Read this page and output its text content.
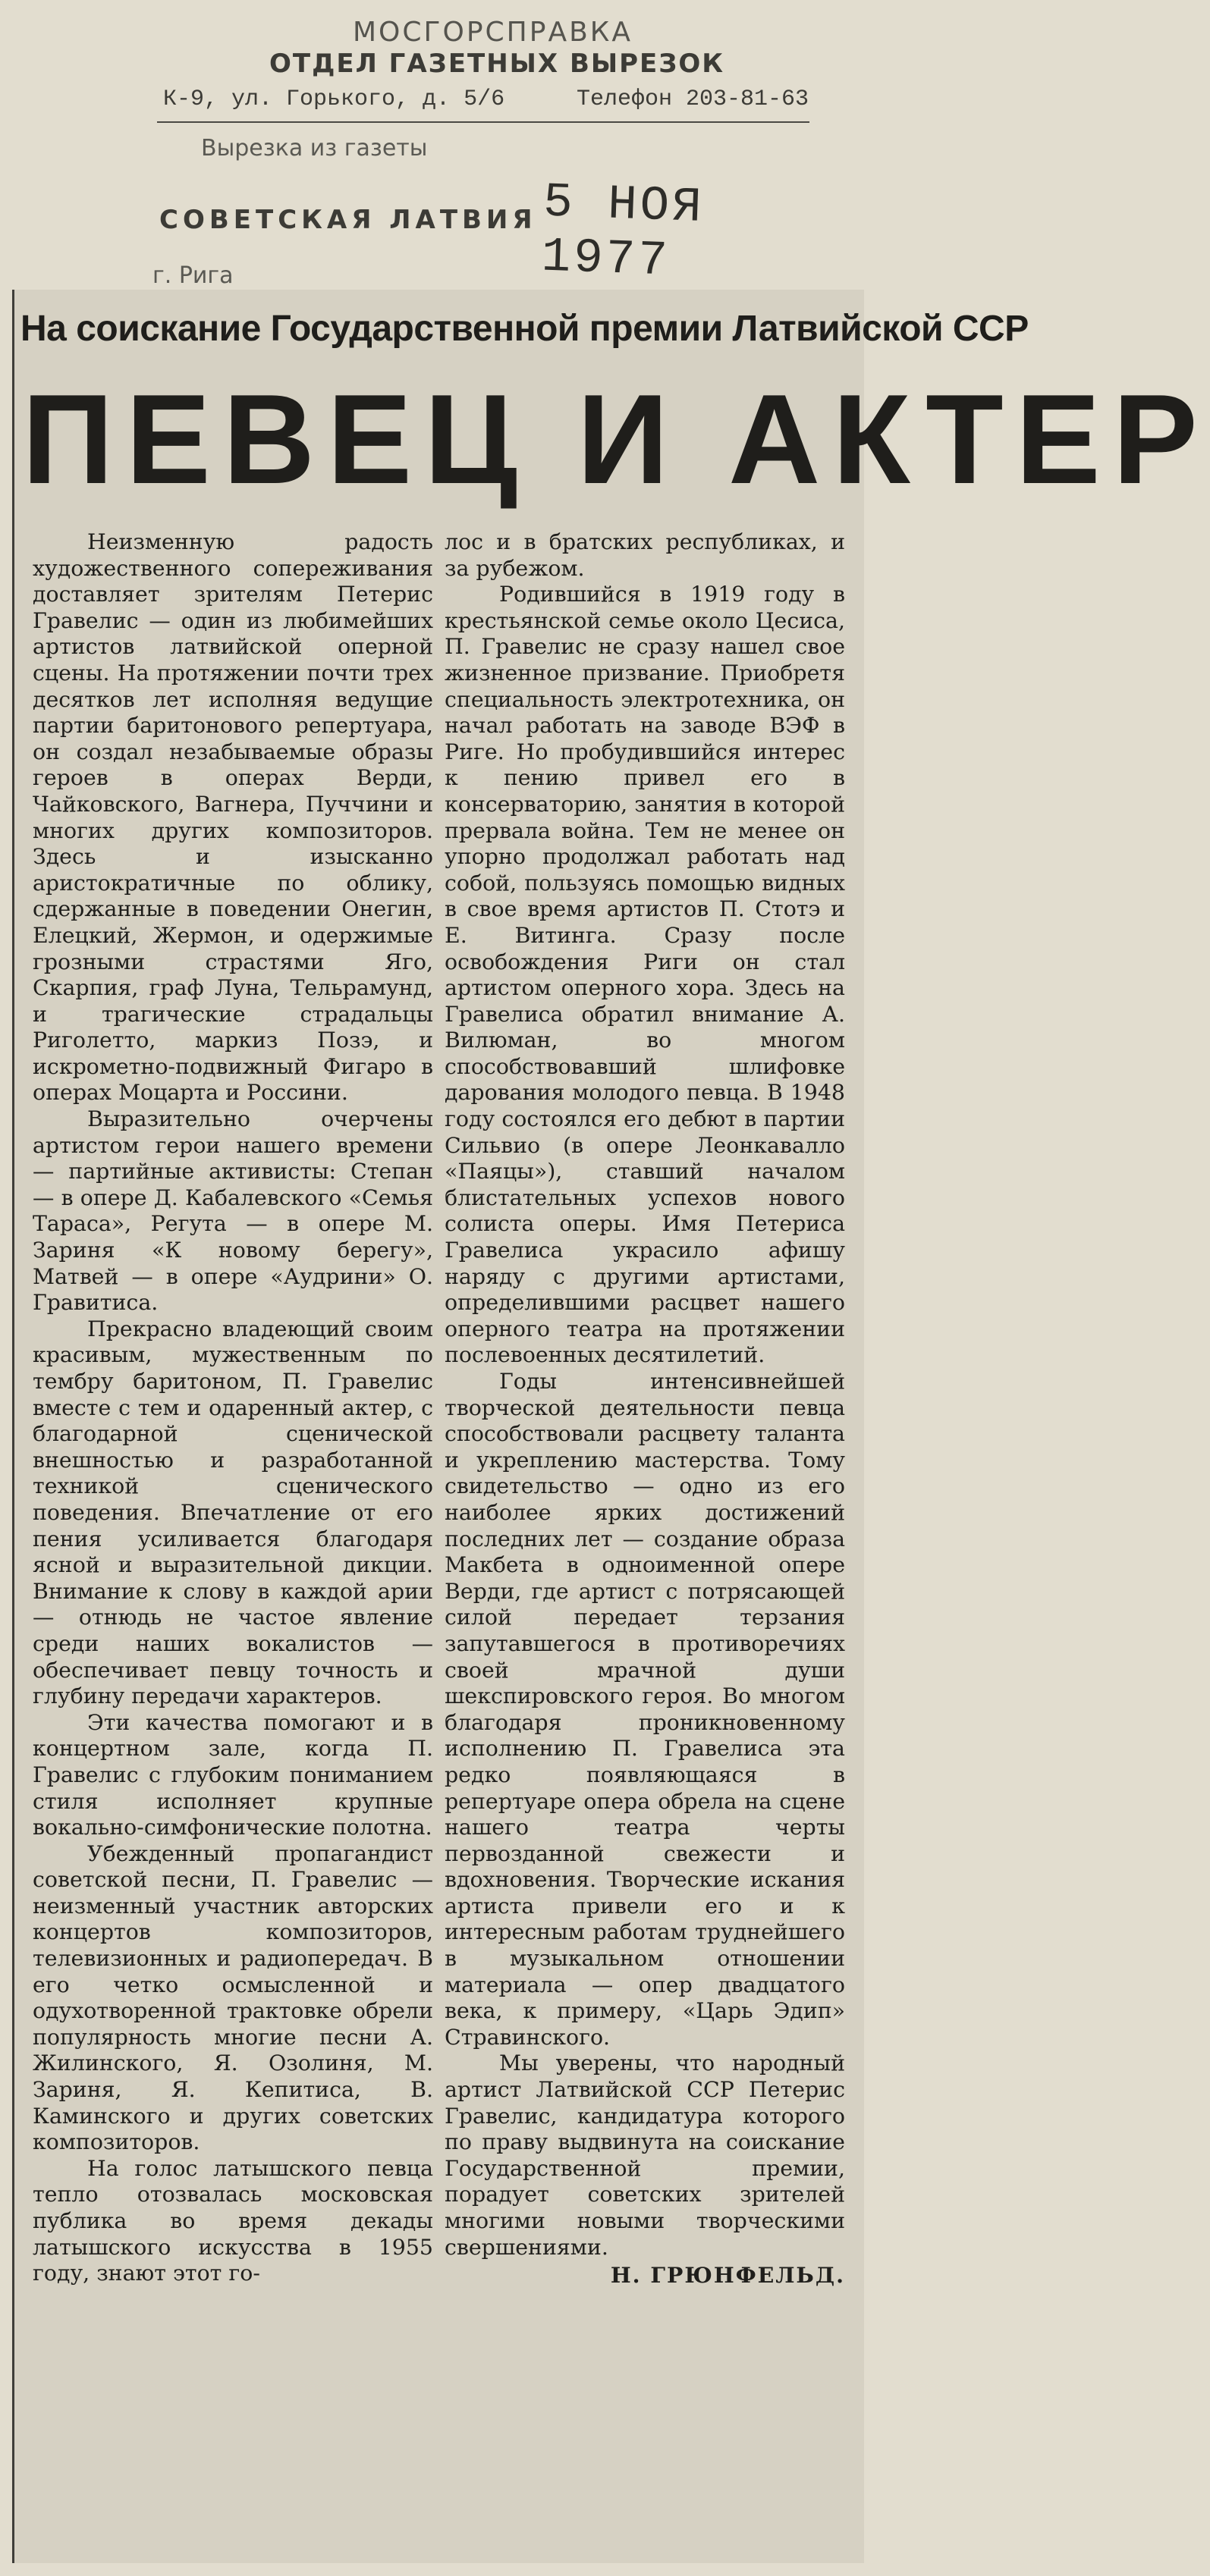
МОСГОРСПРАВКА
ОТДЕЛ ГАЗЕТНЫХ ВЫРЕЗОК
К-9, ул. Горького, д. 5/6	Телефон 203-81-63
Вырезка из газеты
СОВЕТСКАЯ ЛАТВИЯ 5 НОЯ 1977
г. Рига
На соискание Государственной премии Латвийской ССР
ПЕВЕЦ И АКТЕР

Неизменную радость художественного сопереживания доставляет зрителям Петерис Гравелис — один из любимейших артистов латвийской оперной сцены. На протяжении почти трех десятков лет исполняя ведущие партии баритонового репертуара, он создал незабываемые образы героев в операх Верди, Чайковского, Вагнера, Пуччини и многих других композиторов. Здесь и изысканно аристократичные по облику, сдержанные в поведении Онегин, Елецкий, Жермон, и одержимые грозными страстями Яго, Скарпия, граф Луна, Тельрамунд, и трагические страдальцы Риголетто, маркиз Позэ, и искрометно-подвижный Фигаро в операх Моцарта и Россини.

Выразительно очерчены артистом герои нашего времени — партийные активисты: Степан — в опере Д. Кабалевского «Семья Тараса», Регута — в опере М. Зариня «К новому берегу», Матвей — в опере «Аудрини» О. Гравитиса.

Прекрасно владеющий своим красивым, мужественным по тембру баритоном, П. Гравелис вместе с тем и одаренный актер, с благодарной сценической внешностью и разработанной техникой сценического поведения. Впечатление от его пения усиливается благодаря ясной и выразительной дикции. Внимание к слову в каждой арии — отнюдь не частое явление среди наших вокалистов — обеспечивает певцу точность и глубину передачи характеров.

Эти качества помогают и в концертном зале, когда П. Гравелис с глубоким пониманием стиля исполняет крупные вокально-симфонические полотна.

Убежденный пропагандист советской песни, П. Гравелис — неизменный участник авторских концертов композиторов, телевизионных и радиопередач. В его четко осмысленной и одухотворенной трактовке обрели популярность многие песни А. Жилинского, Я. Озолиня, М. Зариня, Я. Кепитиса, В. Каминского и других советских композиторов.

На голос латышского певца тепло отозвалась московская публика во время декады латышского искусства в 1955 году, знают этот го-

лос и в братских республиках, и за рубежом.

Родившийся в 1919 году в крестьянской семье около Цесиса, П. Гравелис не сразу нашел свое жизненное призвание. Приобретя специальность электротехника, он начал работать на заводе ВЭФ в Риге. Но пробудившийся интерес к пению привел его в консерваторию, занятия в которой прервала война. Тем не менее он упорно продолжал работать над собой, пользуясь помощью видных в свое время артистов П. Стотэ и Е. Витинга. Сразу после освобождения Риги он стал артистом оперного хора. Здесь на Гравелиса обратил внимание А. Вилюман, во многом способствовавший шлифовке дарования молодого певца. В 1948 году состоялся его дебют в партии Сильвио (в опере Леонкавалло «Паяцы»), ставший началом блистательных успехов нового солиста оперы. Имя Петериса Гравелиса украсило афишу наряду с другими артистами, определившими расцвет нашего оперного театра на протяжении послевоенных десятилетий.

Годы интенсивнейшей творческой деятельности певца способствовали расцвету таланта и укреплению мастерства. Тому свидетельство — одно из его наиболее ярких достижений последних лет — создание образа Макбета в одноименной опере Верди, где артист с потрясающей силой передает терзания запутавшегося в противоречиях своей мрачной души шекспировского героя. Во многом благодаря проникновенному исполнению П. Гравелиса эта редко появляющаяся в репертуаре опера обрела на сцене нашего театра черты первозданной свежести и вдохновения. Творческие искания артиста привели его и к интересным работам труднейшего в музыкальном отношении материала — опер двадцатого века, к примеру, «Царь Эдип» Стравинского.

Мы уверены, что народный артист Латвийской ССР Петерис Гравелис, кандидатура которого по праву выдвинута на соискание Государственной премии, порадует советских зрителей многими новыми творческими свершениями.

Н. ГРЮНФЕЛЬД.
